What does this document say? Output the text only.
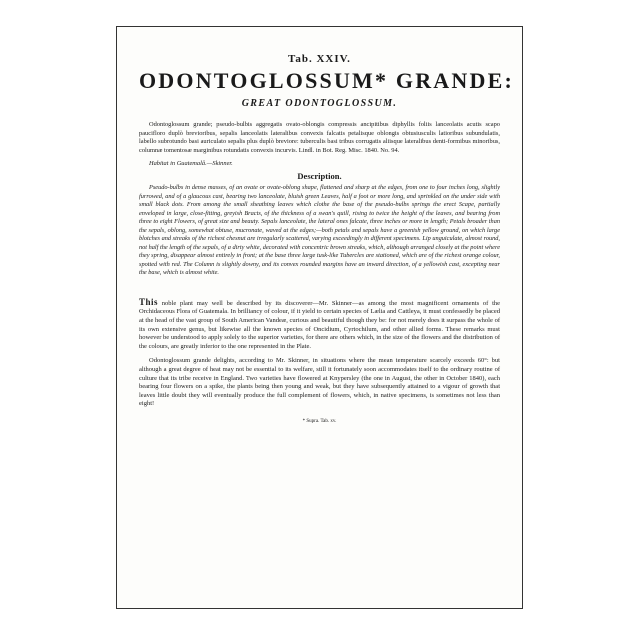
Tab. XXIV.
ODONTOGLOSSUM* GRANDE:
GREAT ODONTOGLOSSUM.
Odontoglossum grande; pseudo-bulbis aggregatis ovato-oblongis compressis ancipitibus diphyllis foliis lanceolatis acutis scapo paucifloro duplò brevioribus, sepalis lanceolatis lateralibus convexis falcatis petalisque oblongis obtusiusculis latioribus subundulatis, labello subrotundo basi auriculato sepalis plus duplò breviore: tuberculis basi tribus corrugatis aliisque lateralibus denti-formibus minoribus, columnæ tomentosæ marginibus rotundatis convexis incurvis. Lindl. in Bot. Reg. Misc. 1840. No. 94.
Habitat in Guatemalâ.—Skinner.
Description.
Pseudo-bulbs in dense masses, of an ovate or ovate-oblong shape, flattened and sharp at the edges, from one to four inches long, slightly furrowed, and of a glaucous cast, bearing two lanceolate, bluish green Leaves, half a foot or more long, and sprinkled on the under side with small black dots. From among the small sheathing leaves which clothe the base of the pseudo-bulbs springs the erect Scape, partially enveloped in large, close-fitting, greyish Bracts, of the thickness of a swan's quill, rising to twice the height of the leaves, and bearing from three to eight Flowers, of great size and beauty. Sepals lanceolate, the lateral ones falcate, three inches or more in length; Petals broader than the sepals, oblong, somewhat obtuse, mucronate, waved at the edges;—both petals and sepals have a greenish yellow ground, on which large blotches and streaks of the richest chesnut are irregularly scattered, varying exceedingly in different specimens. Lip unguiculate, almost round, not half the length of the sepals, of a dirty white, decorated with concentric brown streaks, which, although arranged closely at the point where they spring, disappear almost entirely in front; at the base three large tusk-like Tubercles are stationed, which are of the richest orange colour, spotted with red. The Column is slightly downy, and its convex rounded margins have an inward direction, of a yellowish cast, excepting near the base, which is almost white.
This noble plant may well be described by its discoverer—Mr. Skinner—as among the most magnificent ornaments of the Orchidaceous Flora of Guatemala. In brilliancy of colour, if it yield to certain species of Lælia and Cattleya, it must confessedly be placed at the head of the vast group of South American Vandeæ, curious and beautiful though they be: for not merely does it surpass the whole of its own extensive genus, but likewise all the known species of Oncidium, Cyrtochilum, and other allied forms. These remarks must however be understood to apply solely to the superior varieties, for there are others which, in the size of the flowers and the distribution of the colours, are greatly inferior to the one represented in the Plate.
Odontoglossum grande delights, according to Mr. Skinner, in situations where the mean temperature scarcely exceeds 60°: but although a great degree of heat may not be essential to its welfare, still it fortunately soon accommodates itself to the ordinary routine of culture that its tribe receive in England. Two varieties have flowered at Knypersley (the one in August, the other in October 1840), each bearing four flowers on a spike, the plants being then young and weak, but they have subsequently attained to a vigour of growth that leaves little doubt they will eventually produce the full complement of flowers, which, in native specimens, is sometimes not less than eight!
* Supra. Tab. xv.
